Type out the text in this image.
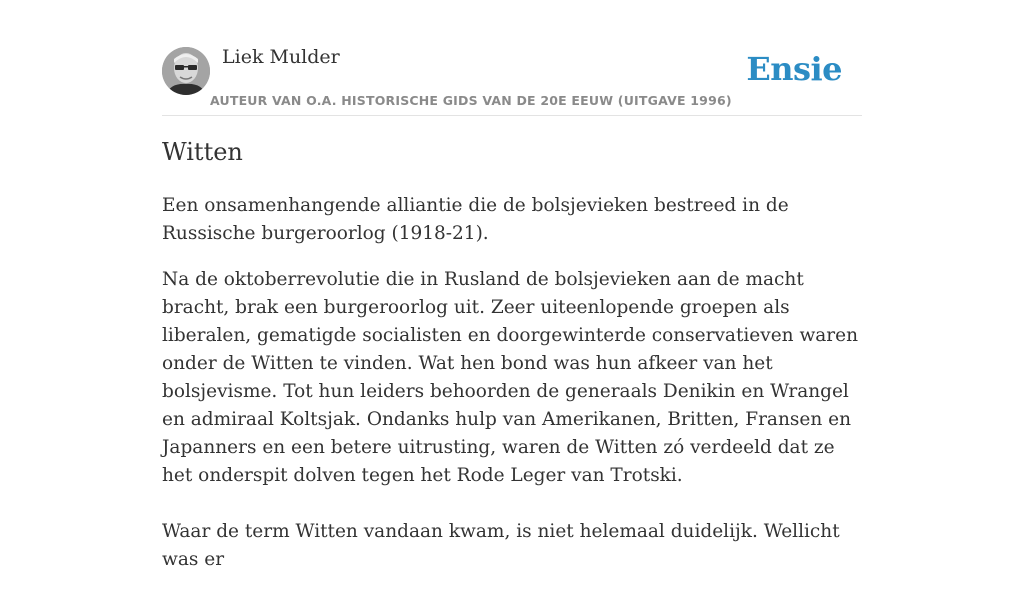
Liek Mulder
AUTEUR VAN O.A. HISTORISCHE GIDS VAN DE 20E EEUW (UITGAVE 1996)
Ensie
Witten

Een onsamenhangende alliantie die de bolsjevieken bestreed in de Russische burgeroorlog (1918-21).

Na de oktoberrevolutie die in Rusland de bolsjevieken aan de macht bracht, brak een burgeroorlog uit. Zeer uiteenlopende groepen als liberalen, gematigde socialisten en doorgewinterde conservatieven waren onder de Witten te vinden. Wat hen bond was hun afkeer van het bolsjevisme. Tot hun leiders behoorden de generaals Denikin en Wrangel en admiraal Koltsjak. Ondanks hulp van Amerikanen, Britten, Fransen en Japanners en een betere uitrusting, waren de Witten zó verdeeld dat ze het onderspit dolven tegen het Rode Leger van Trotski.

Waar de term Witten vandaan kwam, is niet helemaal duidelijk. Wellicht was er
